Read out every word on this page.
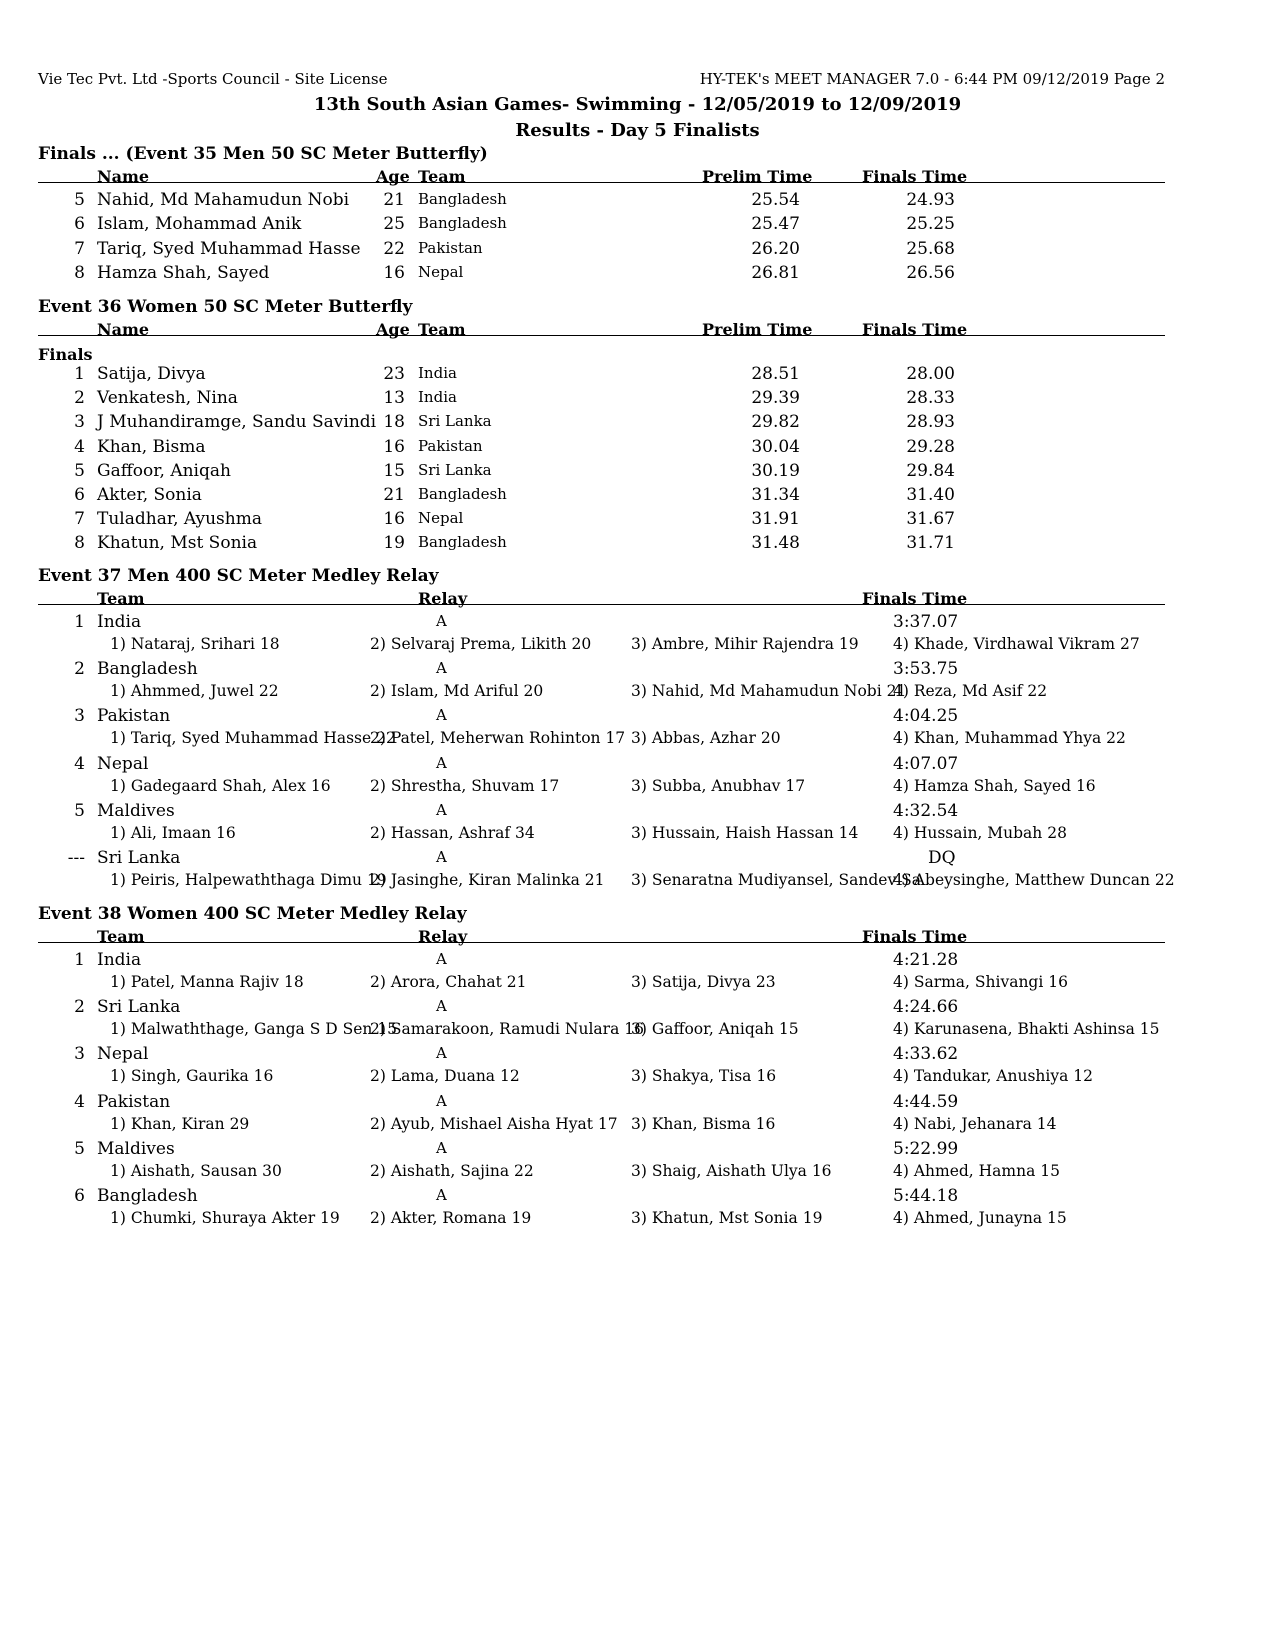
Vie Tec Pvt. Ltd -Sports Council - Site License	HY-TEK's MEET MANAGER 7.0 - 6:44 PM 09/12/2019 Page 2
13th South Asian Games- Swimming - 12/05/2019 to 12/09/2019
Results - Day 5 Finalists
Finals ... (Event 35 Men 50 SC Meter Butterfly)
Name	Age Team	Prelim Time	Finals Time
5 Nahid, Md Mahamudun Nobi	21 Bangladesh	25.54	24.93
6 Islam, Mohammad Anik	25 Bangladesh	25.47	25.25
7 Tariq, Syed Muhammad Hasse	22 Pakistan	26.20	25.68
8 Hamza Shah, Sayed	16 Nepal	26.81	26.56
Event 36 Women 50 SC Meter Butterfly
Name	Age Team	Prelim Time	Finals Time
Finals
1 Satija, Divya	23 India	28.51	28.00
2 Venkatesh, Nina	13 India	29.39	28.33
3 J Muhandiramge, Sandu Savindi 18 Sri Lanka	29.82	28.93
4 Khan, Bisma	16 Pakistan	30.04	29.28
5 Gaffoor, Aniqah	15 Sri Lanka	30.19	29.84
6 Akter, Sonia	21 Bangladesh	31.34	31.40
7 Tuladhar, Ayushma	16 Nepal	31.91	31.67
8 Khatun, Mst Sonia	19 Bangladesh	31.48	31.71
Event 37 Men 400 SC Meter Medley Relay
Team	Relay	Finals Time
1 India	A	3:37.07
1) Nataraj, Srihari 18	2) Selvaraj Prema, Likith 20	3) Ambre, Mihir Rajendra 19 4) Khade, Virdhawal Vikram 27
2 Bangladesh	A	3:53.75
1) Ahmmed, Juwel 22	2) Islam, Md Ariful 20	3) Nahid, Md Mahamudun Nobi 21
4) Reza, Md Asif 22
3 Pakistan	A	4:04.25
1) Tariq, Syed Muhammad Hasse 22
2) Patel, Meherwan Rohinton 17 3) Abbas, Azhar 20	4) Khan, Muhammad Yhya 22
4 Nepal	A	4:07.07
1) Gadegaard Shah, Alex 16	2) Shrestha, Shuvam 17	3) Subba, Anubhav 17	4) Hamza Shah, Sayed 16
5 Maldives	A	4:32.54
1) Ali, Imaan 16	2) Hassan, Ashraf 34	3) Hussain, Haish Hassan 14 4) Hussain, Mubah 28
--- Sri Lanka	A	DQ
1) Peiris, Halpewaththaga Dimu 19
2) Jasinghe, Kiran Malinka 21 3) Senaratna Mudiyansel, Sandev Sa
4) Abeysinghe, Matthew Duncan 22
Event 38 Women 400 SC Meter Medley Relay
Team	Relay	Finals Time
1 India	A	4:21.28
1) Patel, Manna Rajiv 18	2) Arora, Chahat 21	3) Satija, Divya 23	4) Sarma, Shivangi 16
2 Sri Lanka	A	4:24.66
1) Malwaththage, Ganga S D Sen 15
2) Samarakoon, Ramudi Nulara 16
3) Gaffoor, Aniqah 15	4) Karunasena, Bhakti Ashinsa 15
3 Nepal	A	4:33.62
1) Singh, Gaurika 16	2) Lama, Duana 12	3) Shakya, Tisa 16	4) Tandukar, Anushiya 12
4 Pakistan	A	4:44.59
1) Khan, Kiran 29	2) Ayub, Mishael Aisha Hyat 17 3) Khan, Bisma 16	4) Nabi, Jehanara 14
5 Maldives	A	5:22.99
1) Aishath, Sausan 30	2) Aishath, Sajina 22	3) Shaig, Aishath Ulya 16	4) Ahmed, Hamna 15
6 Bangladesh	A	5:44.18
1) Chumki, Shuraya Akter 19 2) Akter, Romana 19	3) Khatun, Mst Sonia 19	4) Ahmed, Junayna 15
